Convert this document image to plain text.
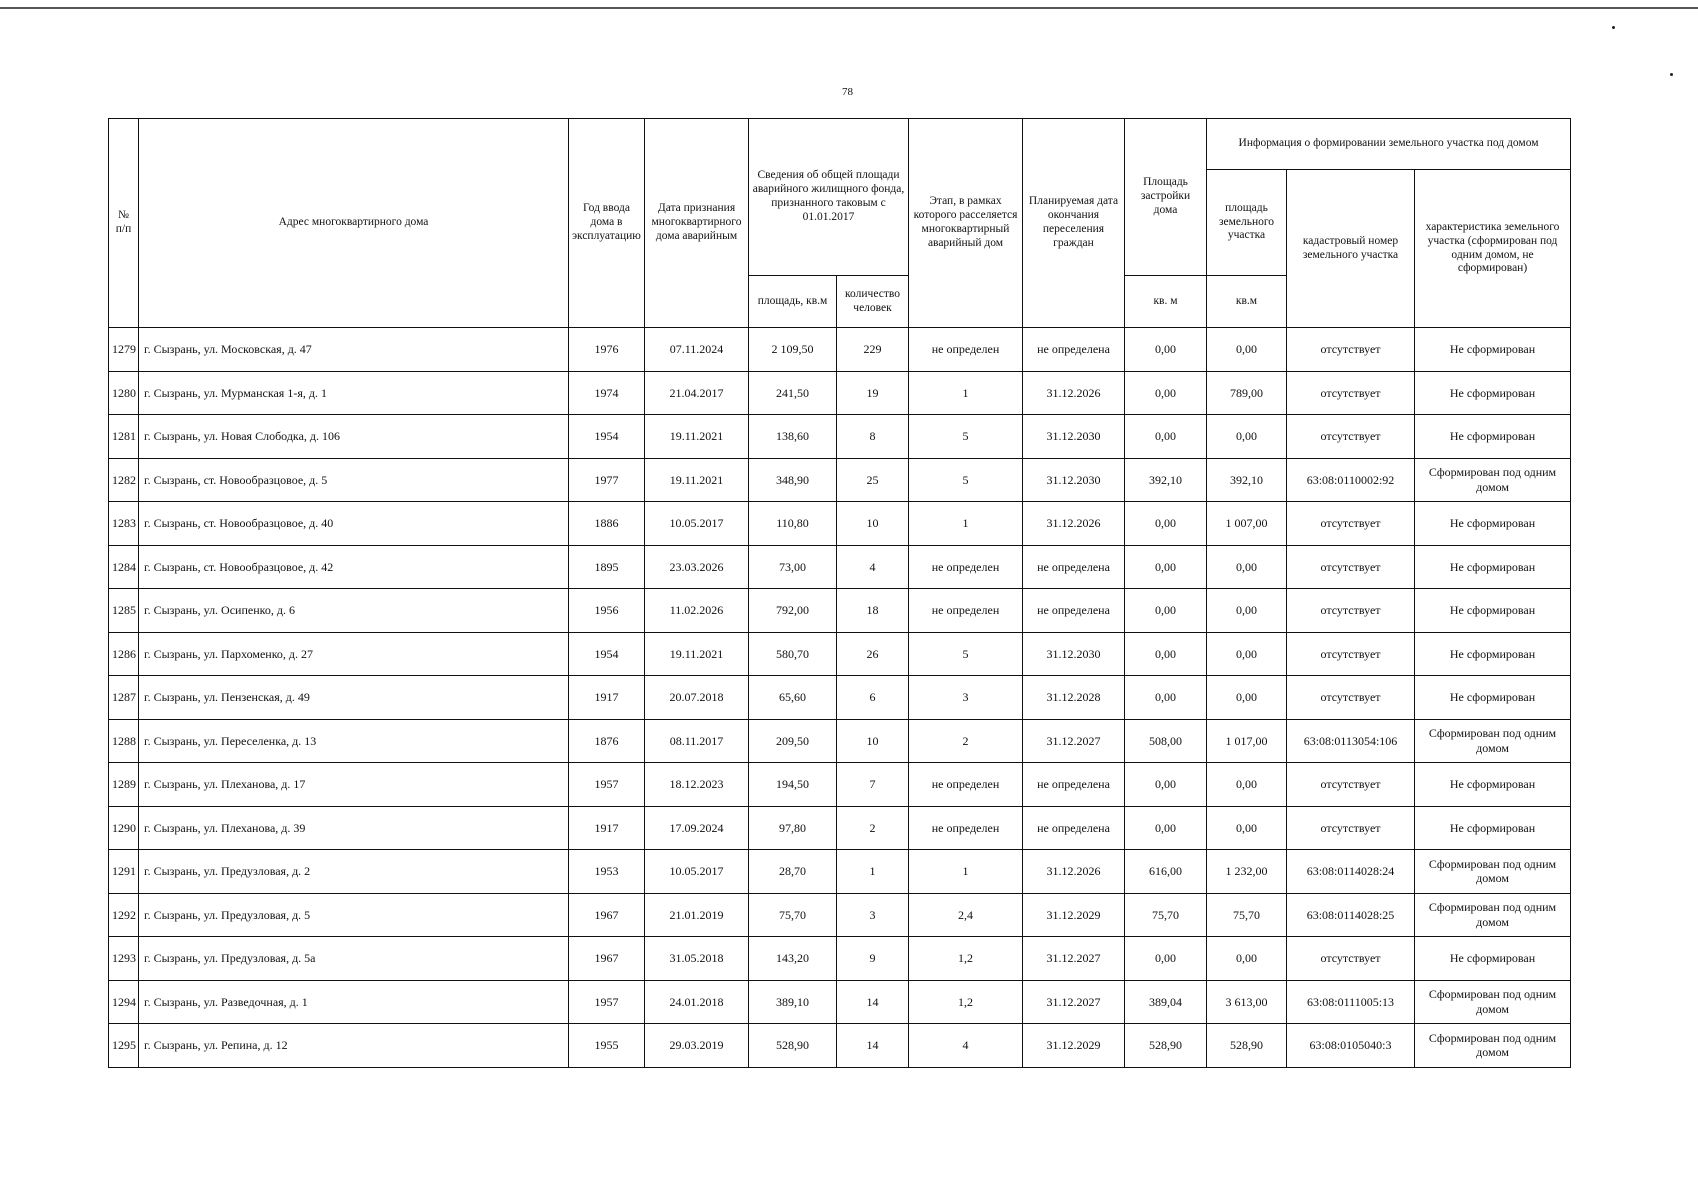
78
№ п/п	Адрес многоквартирного дома	Год ввода дома в эксплуатацию	Дата признания многоквартирного дома аварийным	Сведения об общей площади аварийного жилищного фонда, признанного таковым с 01.01.2017		Этап, в рамках которого расселяется многоквартирный аварийный дом	Планируемая дата окончания переселения граждан	Площадь застройки дома	Информация о формировании земельного участка под домом		
									площадь земельного участка	кадастровый номер земельного участка	характеристика земельного участка (сформирован под одним домом, не сформирован)
				площадь, кв.м	количество человек			кв. м	кв.м		
1279	г. Сызрань, ул. Московская, д. 47	1976	07.11.2024	2 109,50	229	не определен	не определена	0,00	0,00	отсутствует	Не сформирован
1280	г. Сызрань, ул. Мурманская 1-я, д. 1	1974	21.04.2017	241,50	19	1	31.12.2026	0,00	789,00	отсутствует	Не сформирован
1281	г. Сызрань, ул. Новая Слободка, д. 106	1954	19.11.2021	138,60	8	5	31.12.2030	0,00	0,00	отсутствует	Не сформирован
1282	г. Сызрань, ст. Новообразцовое, д. 5	1977	19.11.2021	348,90	25	5	31.12.2030	392,10	392,10	63:08:0110002:92	Сформирован под одним домом
1283	г. Сызрань, ст. Новообразцовое, д. 40	1886	10.05.2017	110,80	10	1	31.12.2026	0,00	1 007,00	отсутствует	Не сформирован
1284	г. Сызрань, ст. Новообразцовое, д. 42	1895	23.03.2026	73,00	4	не определен	не определена	0,00	0,00	отсутствует	Не сформирован
1285	г. Сызрань, ул. Осипенко, д. 6	1956	11.02.2026	792,00	18	не определен	не определена	0,00	0,00	отсутствует	Не сформирован
1286	г. Сызрань, ул. Пархоменко, д. 27	1954	19.11.2021	580,70	26	5	31.12.2030	0,00	0,00	отсутствует	Не сформирован
1287	г. Сызрань, ул. Пензенская, д. 49	1917	20.07.2018	65,60	6	3	31.12.2028	0,00	0,00	отсутствует	Не сформирован
1288	г. Сызрань, ул. Переселенка, д. 13	1876	08.11.2017	209,50	10	2	31.12.2027	508,00	1 017,00	63:08:0113054:106	Сформирован под одним домом
1289	г. Сызрань, ул. Плеханова, д. 17	1957	18.12.2023	194,50	7	не определен	не определена	0,00	0,00	отсутствует	Не сформирован
1290	г. Сызрань, ул. Плеханова, д. 39	1917	17.09.2024	97,80	2	не определен	не определена	0,00	0,00	отсутствует	Не сформирован
1291	г. Сызрань, ул. Предузловая, д. 2	1953	10.05.2017	28,70	1	1	31.12.2026	616,00	1 232,00	63:08:0114028:24	Сформирован под одним домом
1292	г. Сызрань, ул. Предузловая, д. 5	1967	21.01.2019	75,70	3	2,4	31.12.2029	75,70	75,70	63:08:0114028:25	Сформирован под одним домом
1293	г. Сызрань, ул. Предузловая, д. 5а	1967	31.05.2018	143,20	9	1,2	31.12.2027	0,00	0,00	отсутствует	Не сформирован
1294	г. Сызрань, ул. Разведочная, д. 1	1957	24.01.2018	389,10	14	1,2	31.12.2027	389,04	3 613,00	63:08:0111005:13	Сформирован под одним домом
1295	г. Сызрань, ул. Репина, д. 12	1955	29.03.2019	528,90	14	4	31.12.2029	528,90	528,90	63:08:0105040:3	Сформирован под одним домом
